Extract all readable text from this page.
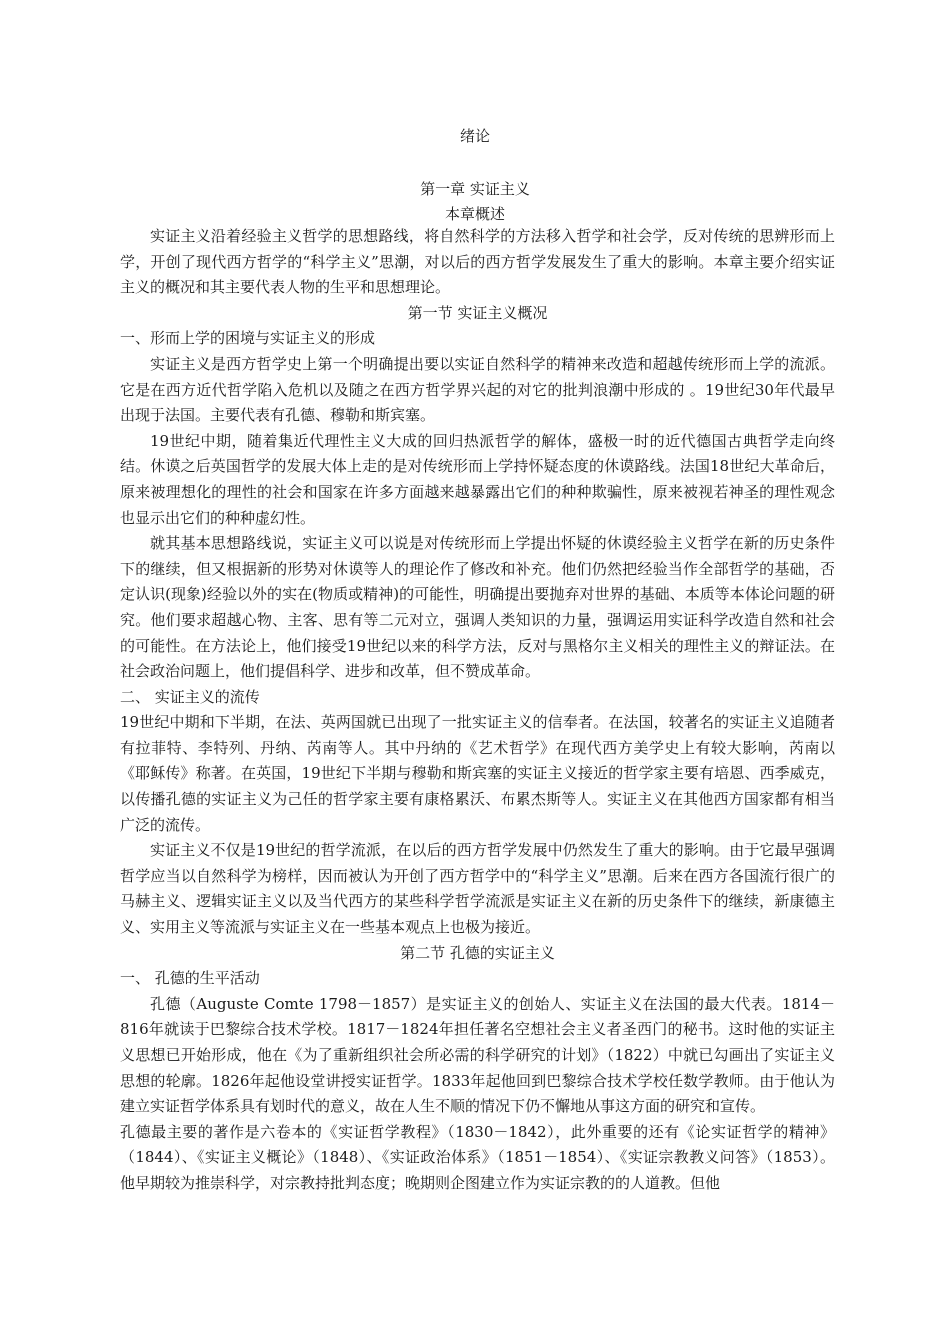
绪论
第一章 实证主义
本章概述

实证主义沿着经验主义哲学的思想路线，将自然科学的方法移入哲学和社会学，反对传统的思辨形而上学，开创了现代西方哲学的“科学主义”思潮，对以后的西方哲学发展发生了重大的影响。本章主要介绍实证主义的概况和其主要代表人物的生平和思想理论。

第一节 实证主义概况

一、形而上学的困境与实证主义的形成

实证主义是西方哲学史上第一个明确提出要以实证自然科学的精神来改造和超越传统形而上学的流派。它是在西方近代哲学陷入危机以及随之在西方哲学界兴起的对它的批判浪潮中形成的 。19世纪30年代最早出现于法国。主要代表有孔德、穆勒和斯宾塞。

19世纪中期，随着集近代理性主义大成的回归热派哲学的解体，盛极一时的近代德国古典哲学走向终结。休谟之后英国哲学的发展大体上走的是对传统形而上学持怀疑态度的休谟路线。法国18世纪大革命后，原来被理想化的理性的社会和国家在许多方面越来越暴露出它们的种种欺骗性，原来被视若神圣的理性观念也显示出它们的种种虚幻性。

就其基本思想路线说，实证主义可以说是对传统形而上学提出怀疑的休谟经验主义哲学在新的历史条件下的继续，但又根据新的形势对休谟等人的理论作了修改和补充。他们仍然把经验当作全部哲学的基础，否定认识(现象)经验以外的实在(物质或精神)的可能性，明确提出要抛弃对世界的基础、本质等本体论问题的研究。他们要求超越心物、主客、思有等二元对立，强调人类知识的力量，强调运用实证科学改造自然和社会的可能性。在方法论上，他们接受19世纪以来的科学方法，反对与黑格尔主义相关的理性主义的辩证法。在社会政治问题上，他们提倡科学、进步和改革，但不赞成革命。

二、 实证主义的流传

19世纪中期和下半期，在法、英两国就已出现了一批实证主义的信奉者。在法国，较著名的实证主义追随者有拉菲特、李特列、丹纳、芮南等人。其中丹纳的《艺术哲学》在现代西方美学史上有较大影响，芮南以《耶稣传》称著。在英国，19世纪下半期与穆勒和斯宾塞的实证主义接近的哲学家主要有培恩、西季威克，以传播孔德的实证主义为己任的哲学家主要有康格累沃、布累杰斯等人。实证主义在其他西方国家都有相当广泛的流传。

实证主义不仅是19世纪的哲学流派，在以后的西方哲学发展中仍然发生了重大的影响。由于它最早强调哲学应当以自然科学为榜样，因而被认为开创了西方哲学中的“科学主义”思潮。后来在西方各国流行很广的马赫主义、逻辑实证主义以及当代西方的某些科学哲学流派是实证主义在新的历史条件下的继续，新康德主义、实用主义等流派与实证主义在一些基本观点上也极为接近。

第二节 孔德的实证主义

一、 孔德的生平活动

孔德（Auguste Comte 1798－1857）是实证主义的创始人、实证主义在法国的最大代表。1814－816年就读于巴黎综合技术学校。1817－1824年担任著名空想社会主义者圣西门的秘书。这时他的实证主义思想已开始形成，他在《为了重新组织社会所必需的科学研究的计划》（1822）中就已勾画出了实证主义思想的轮廓。1826年起他设堂讲授实证哲学。1833年起他回到巴黎综合技术学校任数学教师。由于他认为建立实证哲学体系具有划时代的意义，故在人生不顺的情况下仍不懈地从事这方面的研究和宣传。

孔德最主要的著作是六卷本的《实证哲学教程》（1830－1842），此外重要的还有《论实证哲学的精神》（1844）、《实证主义概论》（1848）、《实证政治体系》（1851－1854）、《实证宗教教义问答》（1853）。他早期较为推崇科学，对宗教持批判态度；晚期则企图建立作为实证宗教的的人道教。但他
